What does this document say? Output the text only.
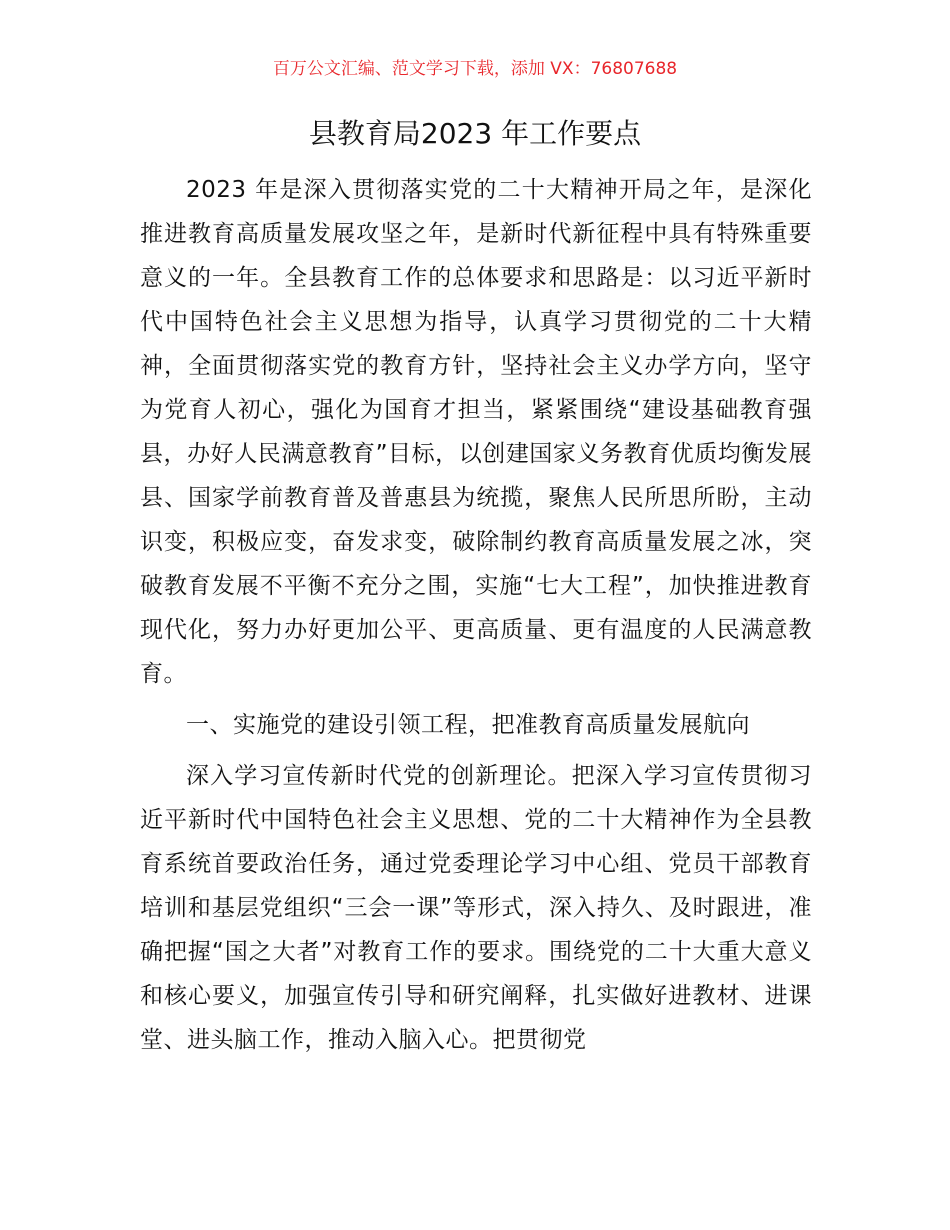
百万公文汇编、范文学习下载，添加 VX：76807688
县教育局2023 年工作要点

2023 年是深入贯彻落实党的二十大精神开局之年，是深化推进教育高质量发展攻坚之年，是新时代新征程中具有特殊重要意义的一年。全县教育工作的总体要求和思路是：以习近平新时代中国特色社会主义思想为指导，认真学习贯彻党的二十大精神，全面贯彻落实党的教育方针，坚持社会主义办学方向，坚守为党育人初心，强化为国育才担当，紧紧围绕“建设基础教育强县，办好人民满意教育”目标，以创建国家义务教育优质均衡发展县、国家学前教育普及普惠县为统揽，聚焦人民所思所盼，主动识变，积极应变，奋发求变，破除制约教育高质量发展之冰，突破教育发展不平衡不充分之围，实施“七大工程”，加快推进教育现代化，努力办好更加公平、更高质量、更有温度的人民满意教育。

一、实施党的建设引领工程，把准教育高质量发展航向

深入学习宣传新时代党的创新理论。把深入学习宣传贯彻习近平新时代中国特色社会主义思想、党的二十大精神作为全县教育系统首要政治任务，通过党委理论学习中心组、党员干部教育培训和基层党组织“三会一课”等形式，深入持久、及时跟进，准确把握“国之大者”对教育工作的要求。围绕党的二十大重大意义和核心要义，加强宣传引导和研究阐释，扎实做好进教材、进课堂、进头脑工作，推动入脑入心。把贯彻党
